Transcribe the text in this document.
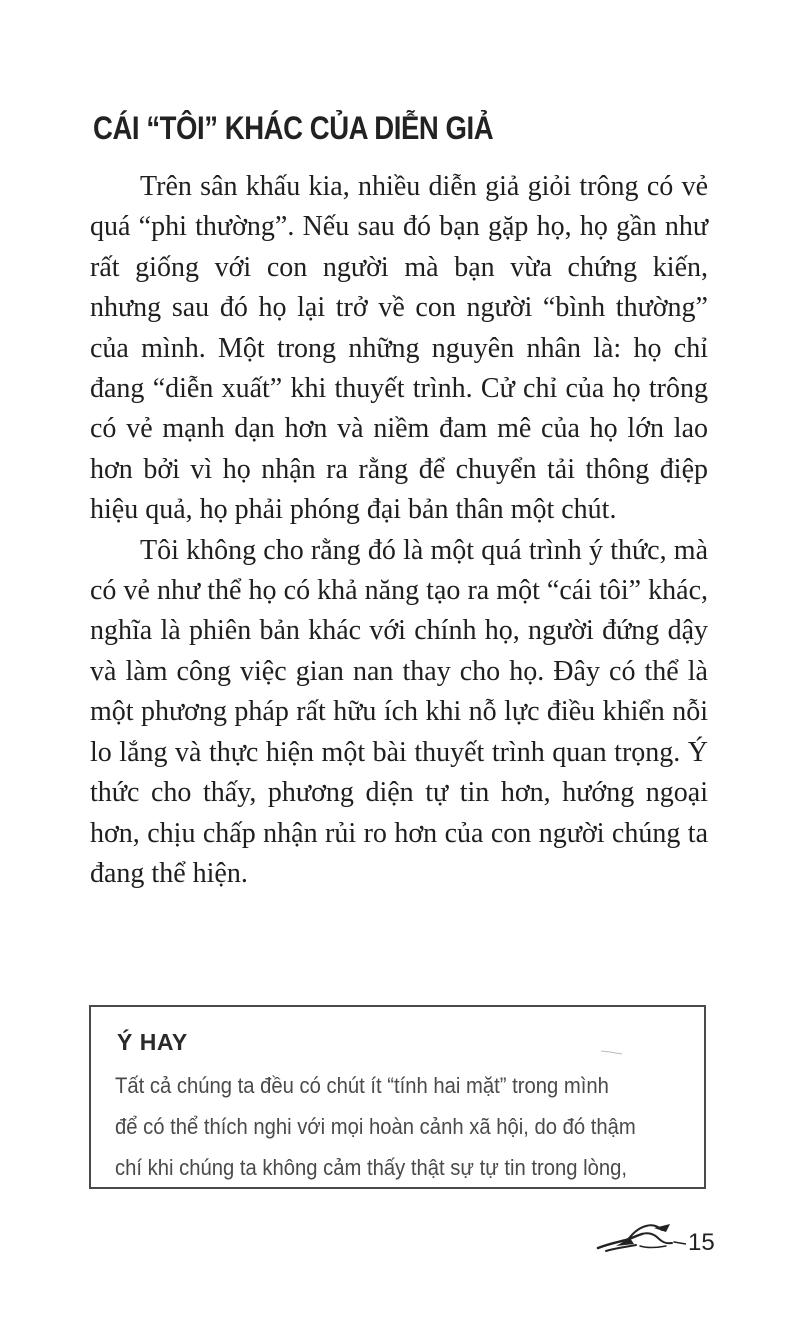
CÁI “TÔI” KHÁC CỦA DIỄN GIẢ

Trên sân khấu kia, nhiều diễn giả giỏi trông có vẻ quá “phi thường”. Nếu sau đó bạn gặp họ, họ gần như rất giống với con người mà bạn vừa chứng kiến, nhưng sau đó họ lại trở về con người “bình thường” của mình. Một trong những nguyên nhân là: họ chỉ đang “diễn xuất” khi thuyết trình. Cử chỉ của họ trông có vẻ mạnh dạn hơn và niềm đam mê của họ lớn lao hơn bởi vì họ nhận ra rằng để chuyển tải thông điệp hiệu quả, họ phải phóng đại bản thân một chút.

Tôi không cho rằng đó là một quá trình ý thức, mà có vẻ như thể họ có khả năng tạo ra một “cái tôi” khác, nghĩa là phiên bản khác với chính họ, người đứng dậy và làm công việc gian nan thay cho họ. Đây có thể là một phương pháp rất hữu ích khi nỗ lực điều khiển nỗi lo lắng và thực hiện một bài thuyết trình quan trọng. Ý thức cho thấy, phương diện tự tin hơn, hướng ngoại hơn, chịu chấp nhận rủi ro hơn của con người chúng ta đang thể hiện.

Ý HAY
Tất cả chúng ta đều có chút ít “tính hai mặt” trong mình
để có thể thích nghi với mọi hoàn cảnh xã hội, do đó thậm
chí khi chúng ta không cảm thấy thật sự tự tin trong lòng,
15
